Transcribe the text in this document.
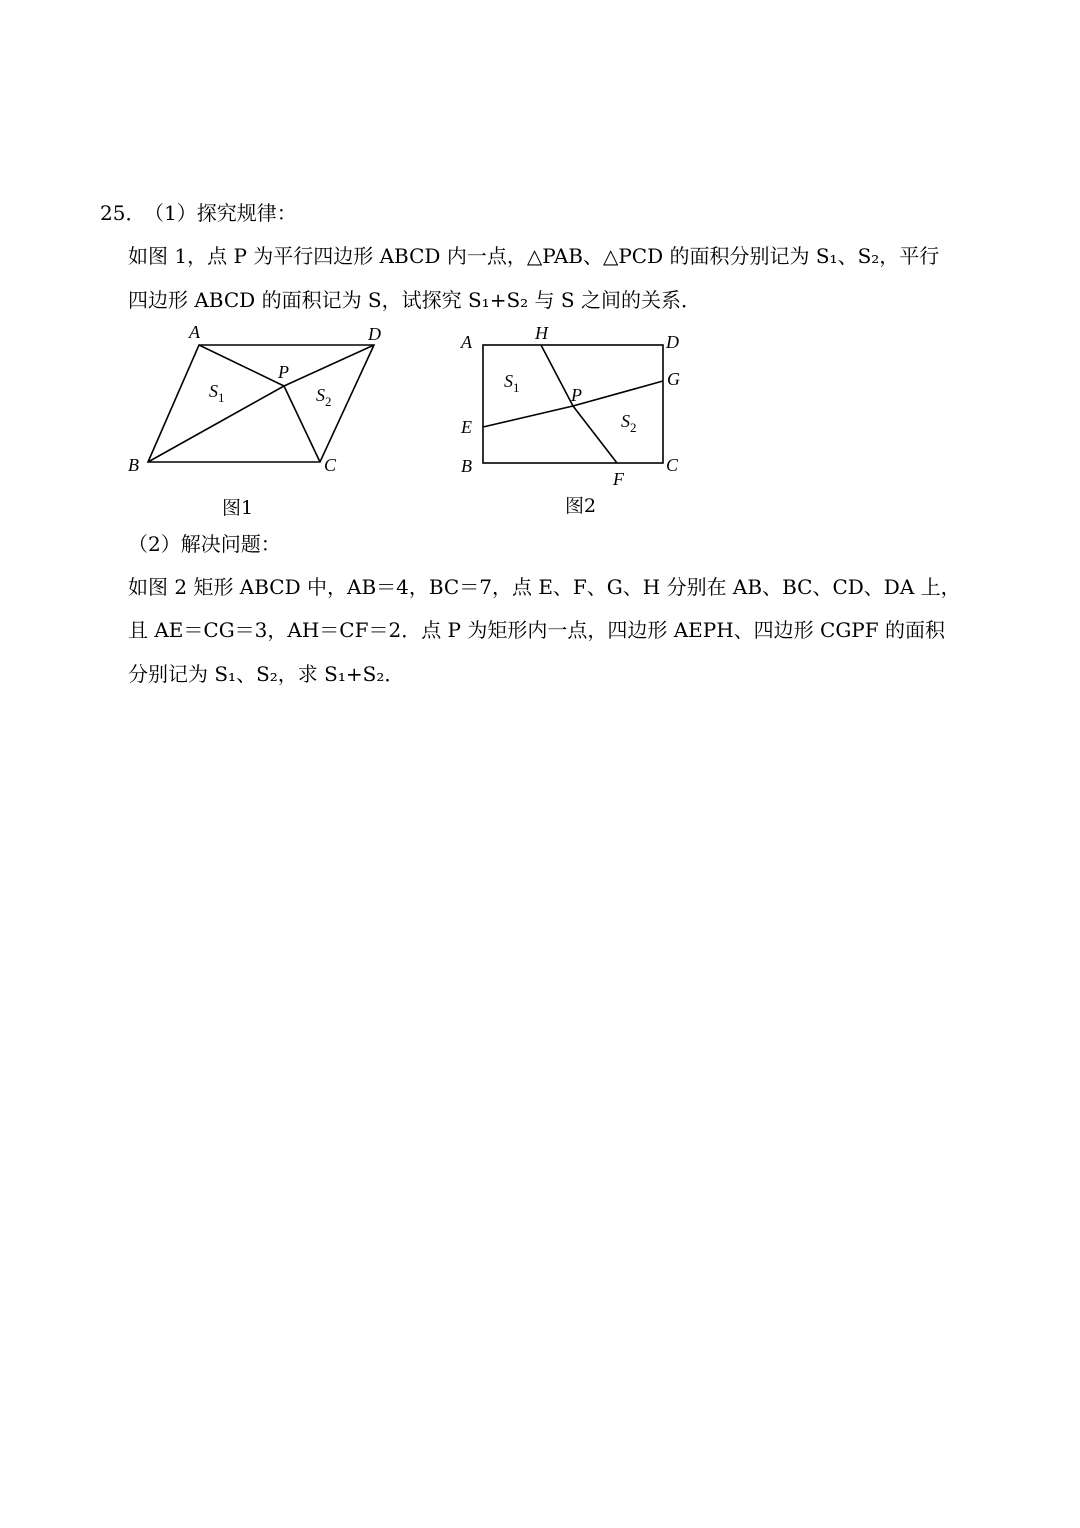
25．
（1）探究规律：
如图 1，点 P 为平行四边形 ABCD 内一点，△PAB、△PCD 的面积分别记为 S₁、S₂，平行
四边形 ABCD 的面积记为 S，试探究 S₁+S₂ 与 S 之间的关系．
A	D
B	C
P
$S_1$	$S_2$
图1
A	H	D
G
E
B	C
F
P
$S_1$
$S_2$
图2
（2）解决问题：
如图 2 矩形 ABCD 中，AB＝4，BC＝7，点 E、F、G、H 分别在 AB、BC、CD、DA 上，
且 AE＝CG＝3，AH＝CF＝2．点 P 为矩形内一点，四边形 AEPH、四边形 CGPF 的面积
分别记为 S₁、S₂，求 S₁+S₂．
